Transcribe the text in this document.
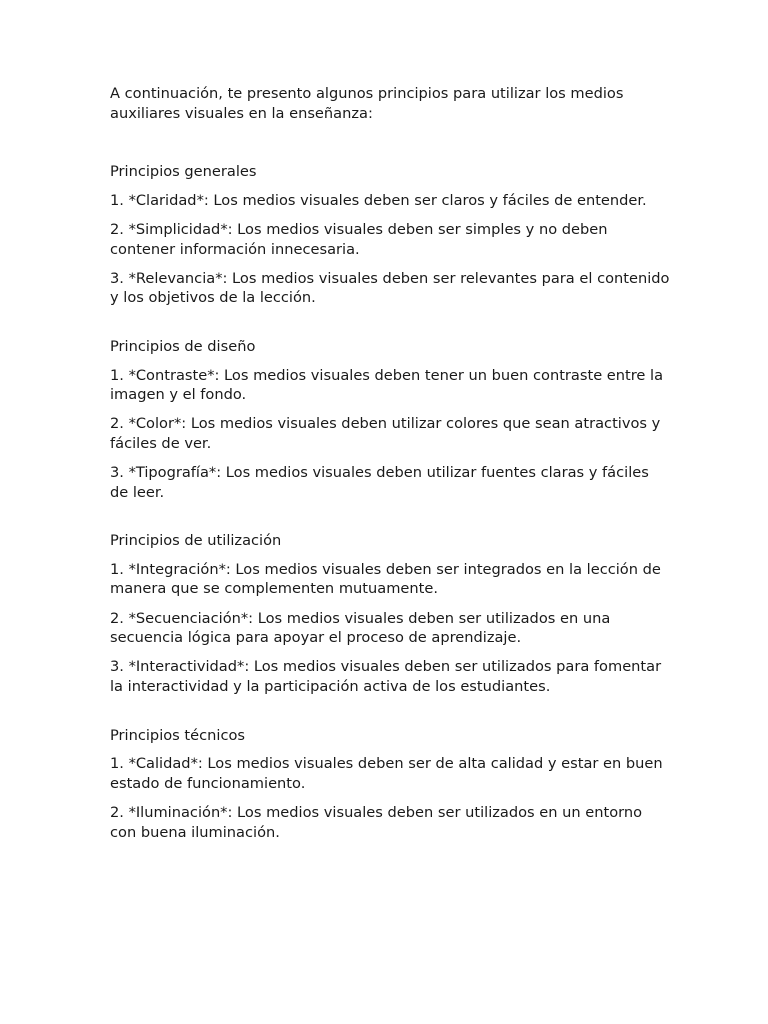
A continuación, te presento algunos principios para utilizar los medios auxiliares visuales en la enseñanza:

Principios generales

1. *Claridad*: Los medios visuales deben ser claros y fáciles de entender.

2. *Simplicidad*: Los medios visuales deben ser simples y no deben contener información innecesaria.

3. *Relevancia*: Los medios visuales deben ser relevantes para el contenido y los objetivos de la lección.

Principios de diseño

1. *Contraste*: Los medios visuales deben tener un buen contraste entre la imagen y el fondo.

2. *Color*: Los medios visuales deben utilizar colores que sean atractivos y fáciles de ver.

3. *Tipografía*: Los medios visuales deben utilizar fuentes claras y fáciles de leer.

Principios de utilización

1. *Integración*: Los medios visuales deben ser integrados en la lección de manera que se complementen mutuamente.

2. *Secuenciación*: Los medios visuales deben ser utilizados en una secuencia lógica para apoyar el proceso de aprendizaje.

3. *Interactividad*: Los medios visuales deben ser utilizados para fomentar la interactividad y la participación activa de los estudiantes.

Principios técnicos

1. *Calidad*: Los medios visuales deben ser de alta calidad y estar en buen estado de funcionamiento.

2. *Iluminación*: Los medios visuales deben ser utilizados en un entorno con buena iluminación.
